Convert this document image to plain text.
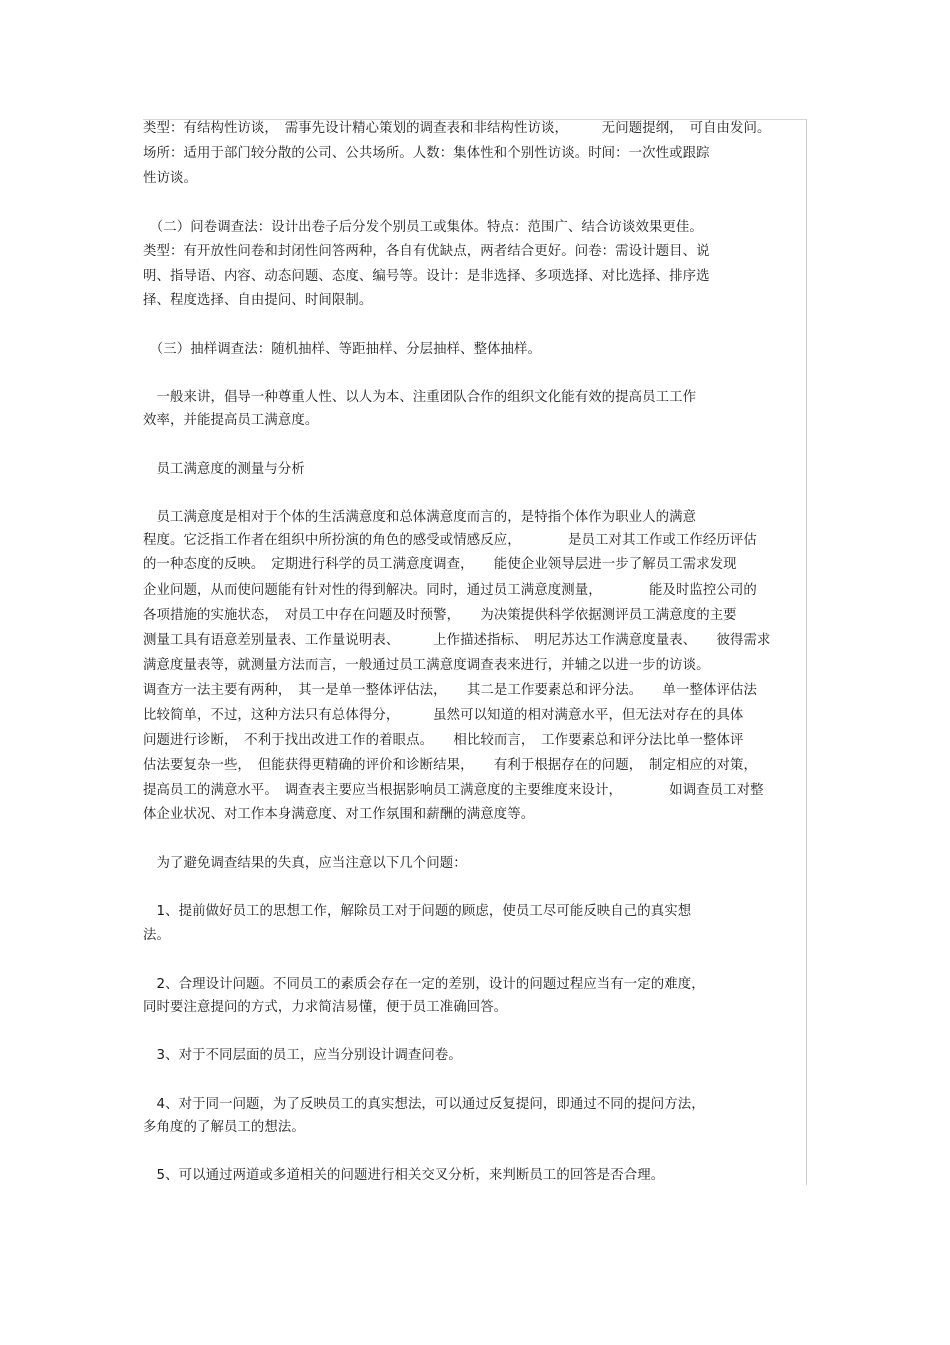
类型：有结构性访谈，　需事先设计精心策划的调查表和非结构性访谈，　　　无问题提纲，　可自由发问。
场所：适用于部门较分散的公司、公共场所。人数：集体性和个别性访谈。时间：一次性或跟踪
性访谈。
　（二）问卷调查法：设计出卷子后分发个别员工或集体。特点：范围广、结合访谈效果更佳。
类型：有开放性问卷和封闭性问答两种，各自有优缺点，两者结合更好。问卷：需设计题目、说
明、指导语、内容、动态问题、态度、编号等。设计：是非选择、多项选择、对比选择、排序选
择、程度选择、自由提问、时间限制。
　（三）抽样调查法：随机抽样、等距抽样、分层抽样、整体抽样。
　一般来讲，倡导一种尊重人性、以人为本、注重团队合作的组织文化能有效的提高员工工作
效率，并能提高员工满意度。
　员工满意度的测量与分析
　员工满意度是相对于个体的生活满意度和总体满意度而言的，是特指个体作为职业人的满意
程度。它泛指工作者在组织中所扮演的角色的感受或情感反应，　　　　是员工对其工作或工作经历评估
的一种态度的反映。　定期进行科学的员工满意度调查，　　能使企业领导层进一步了解员工需求发现
企业问题，从而使问题能有针对性的得到解决。同时，通过员工满意度测量，　　　　能及时监控公司的
各项措施的实施状态，　对员工中存在问题及时预警，　　为决策提供科学依据测评员工满意度的主要
测量工具有语意差别量表、工作量说明表、　　　上作描述指标、　明尼苏达工作满意度量表、　　彼得需求
满意度量表等，就测量方法而言，一般通过员工满意度调查表来进行，并辅之以进一步的访谈。
调查方一法主要有两种，　其一是单一整体评估法，　　其二是工作要素总和评分法。　　单一整体评估法
比较简单，不过，这种方法只有总体得分，　　　虽然可以知道的相对满意水平，但无法对存在的具体
问题进行诊断，　不利于找出改进工作的着眼点。　　相比较而言，　工作要素总和评分法比单一整体评
估法要复杂一些，　但能获得更精确的评价和诊断结果，　　有利于根据存在的问题，　制定相应的对策，
提高员工的满意水平。　调查表主要应当根据影响员工满意度的主要维度来设计，　　　　如调查员工对整
体企业状况、对工作本身满意度、对工作氛围和薪酬的满意度等。
　为了避免调查结果的失真，应当注意以下几个问题：
　1、提前做好员工的思想工作，解除员工对于问题的顾虑，使员工尽可能反映自己的真实想
法。
　2、合理设计问题。不同员工的素质会存在一定的差别，设计的问题过程应当有一定的难度，
同时要注意提问的方式，力求简洁易懂，便于员工准确回答。
　3、对于不同层面的员工，应当分别设计调查问卷。
　4、对于同一问题，为了反映员工的真实想法，可以通过反复提问，即通过不同的提问方法，
多角度的了解员工的想法。
　5、可以通过两道或多道相关的问题进行相关交叉分析，来判断员工的回答是否合理。
